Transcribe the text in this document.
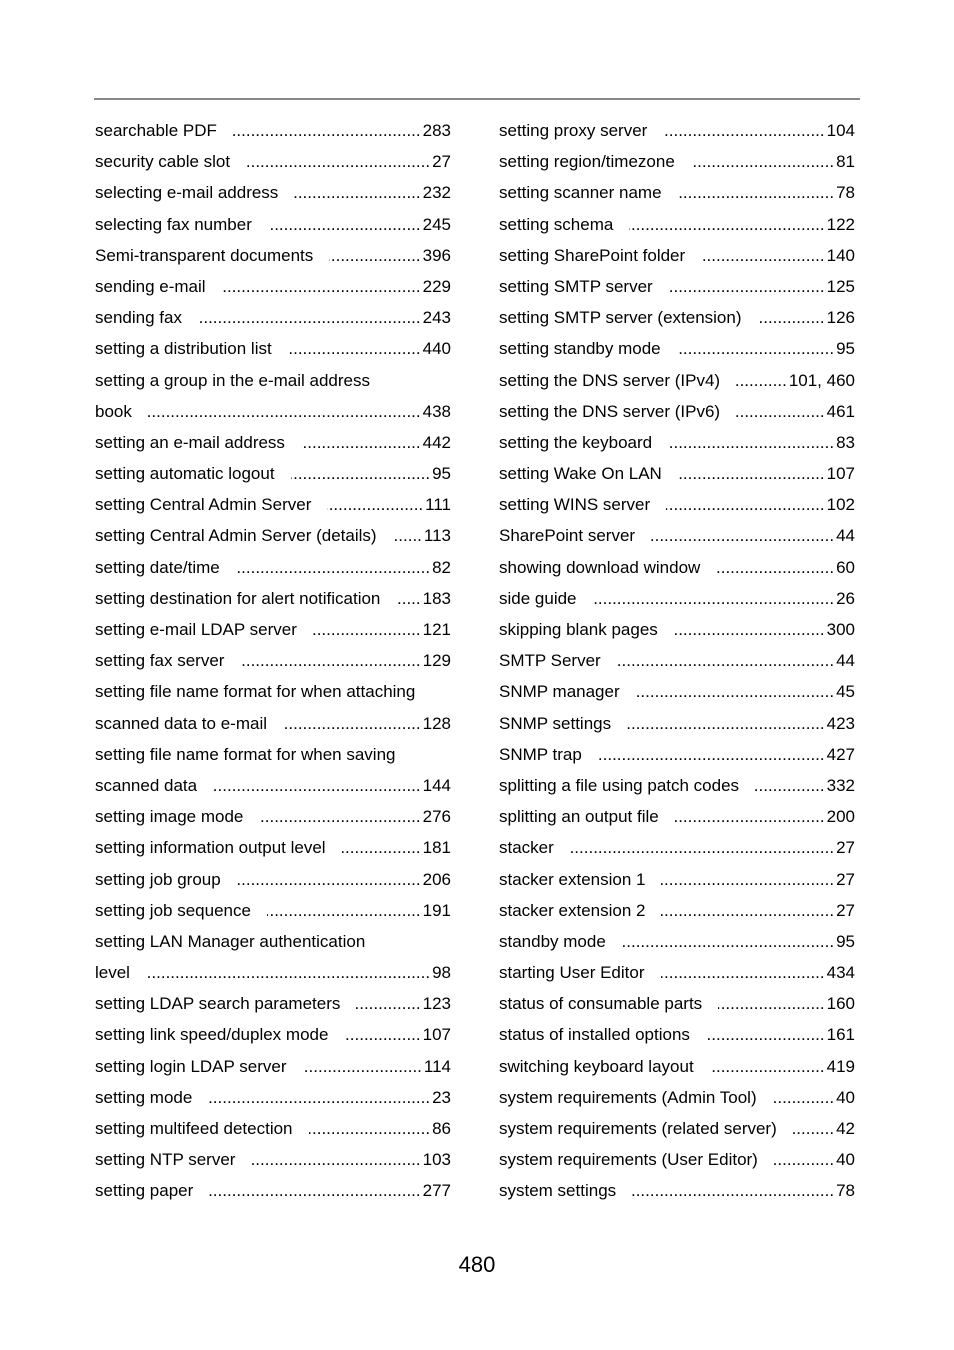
searchable PDF .....	283
security cable slot .....	27
selecting e-mail address .....	232
selecting fax number .....	245
Semi-transparent documents .....	396
sending e-mail .....	229
sending fax .....	243
setting a distribution list .....	440
setting a group in the e-mail address
book .....	438
setting an e-mail address .....	442
setting automatic logout .....	95
setting Central Admin Server .....	111
setting Central Admin Server (details) .....	113
setting date/time .....	82
setting destination for alert notification ..... 183
setting e-mail LDAP server .....	121
setting fax server .....	129
setting file name format for when attaching
scanned data to e-mail .....	128
setting file name format for when saving
scanned data .....	144
setting image mode .....	276
setting information output level .....	181
setting job group .....	206
setting job sequence .....	191
setting LAN Manager authentication
level .....	98
setting LDAP search parameters .....	123
setting link speed/duplex mode .....	107
setting login LDAP server .....	114
setting mode .....	23
setting multifeed detection .....	86
setting NTP server .....	103
setting paper .....	277
setting proxy server .....	104
setting region/timezone .....	81
setting scanner name .....	78
setting schema .....	122
setting SharePoint folder .....	140
setting SMTP server .....	125
setting SMTP server (extension) .....	126
setting standby mode .....	95
setting the DNS server (IPv4) .....	101, 460
setting the DNS server (IPv6) .....	461
setting the keyboard .....	83
setting Wake On LAN .....	107
setting WINS server .....	102
SharePoint server .....	44
showing download window .....	60
side guide .....	26
skipping blank pages .....	300
SMTP Server .....	44
SNMP manager .....	45
SNMP settings .....	423
SNMP trap .....	427
splitting a file using patch codes .....	332
splitting an output file .....	200
stacker .....	27
stacker extension 1 .....	27
stacker extension 2 .....	27
standby mode .....	95
starting User Editor .....	434
status of consumable parts .....	160
status of installed options .....	161
switching keyboard layout .....	419
system requirements (Admin Tool) .....	40
system requirements (related server) .....	42
system requirements (User Editor) .....	40
system settings .....	78
480
